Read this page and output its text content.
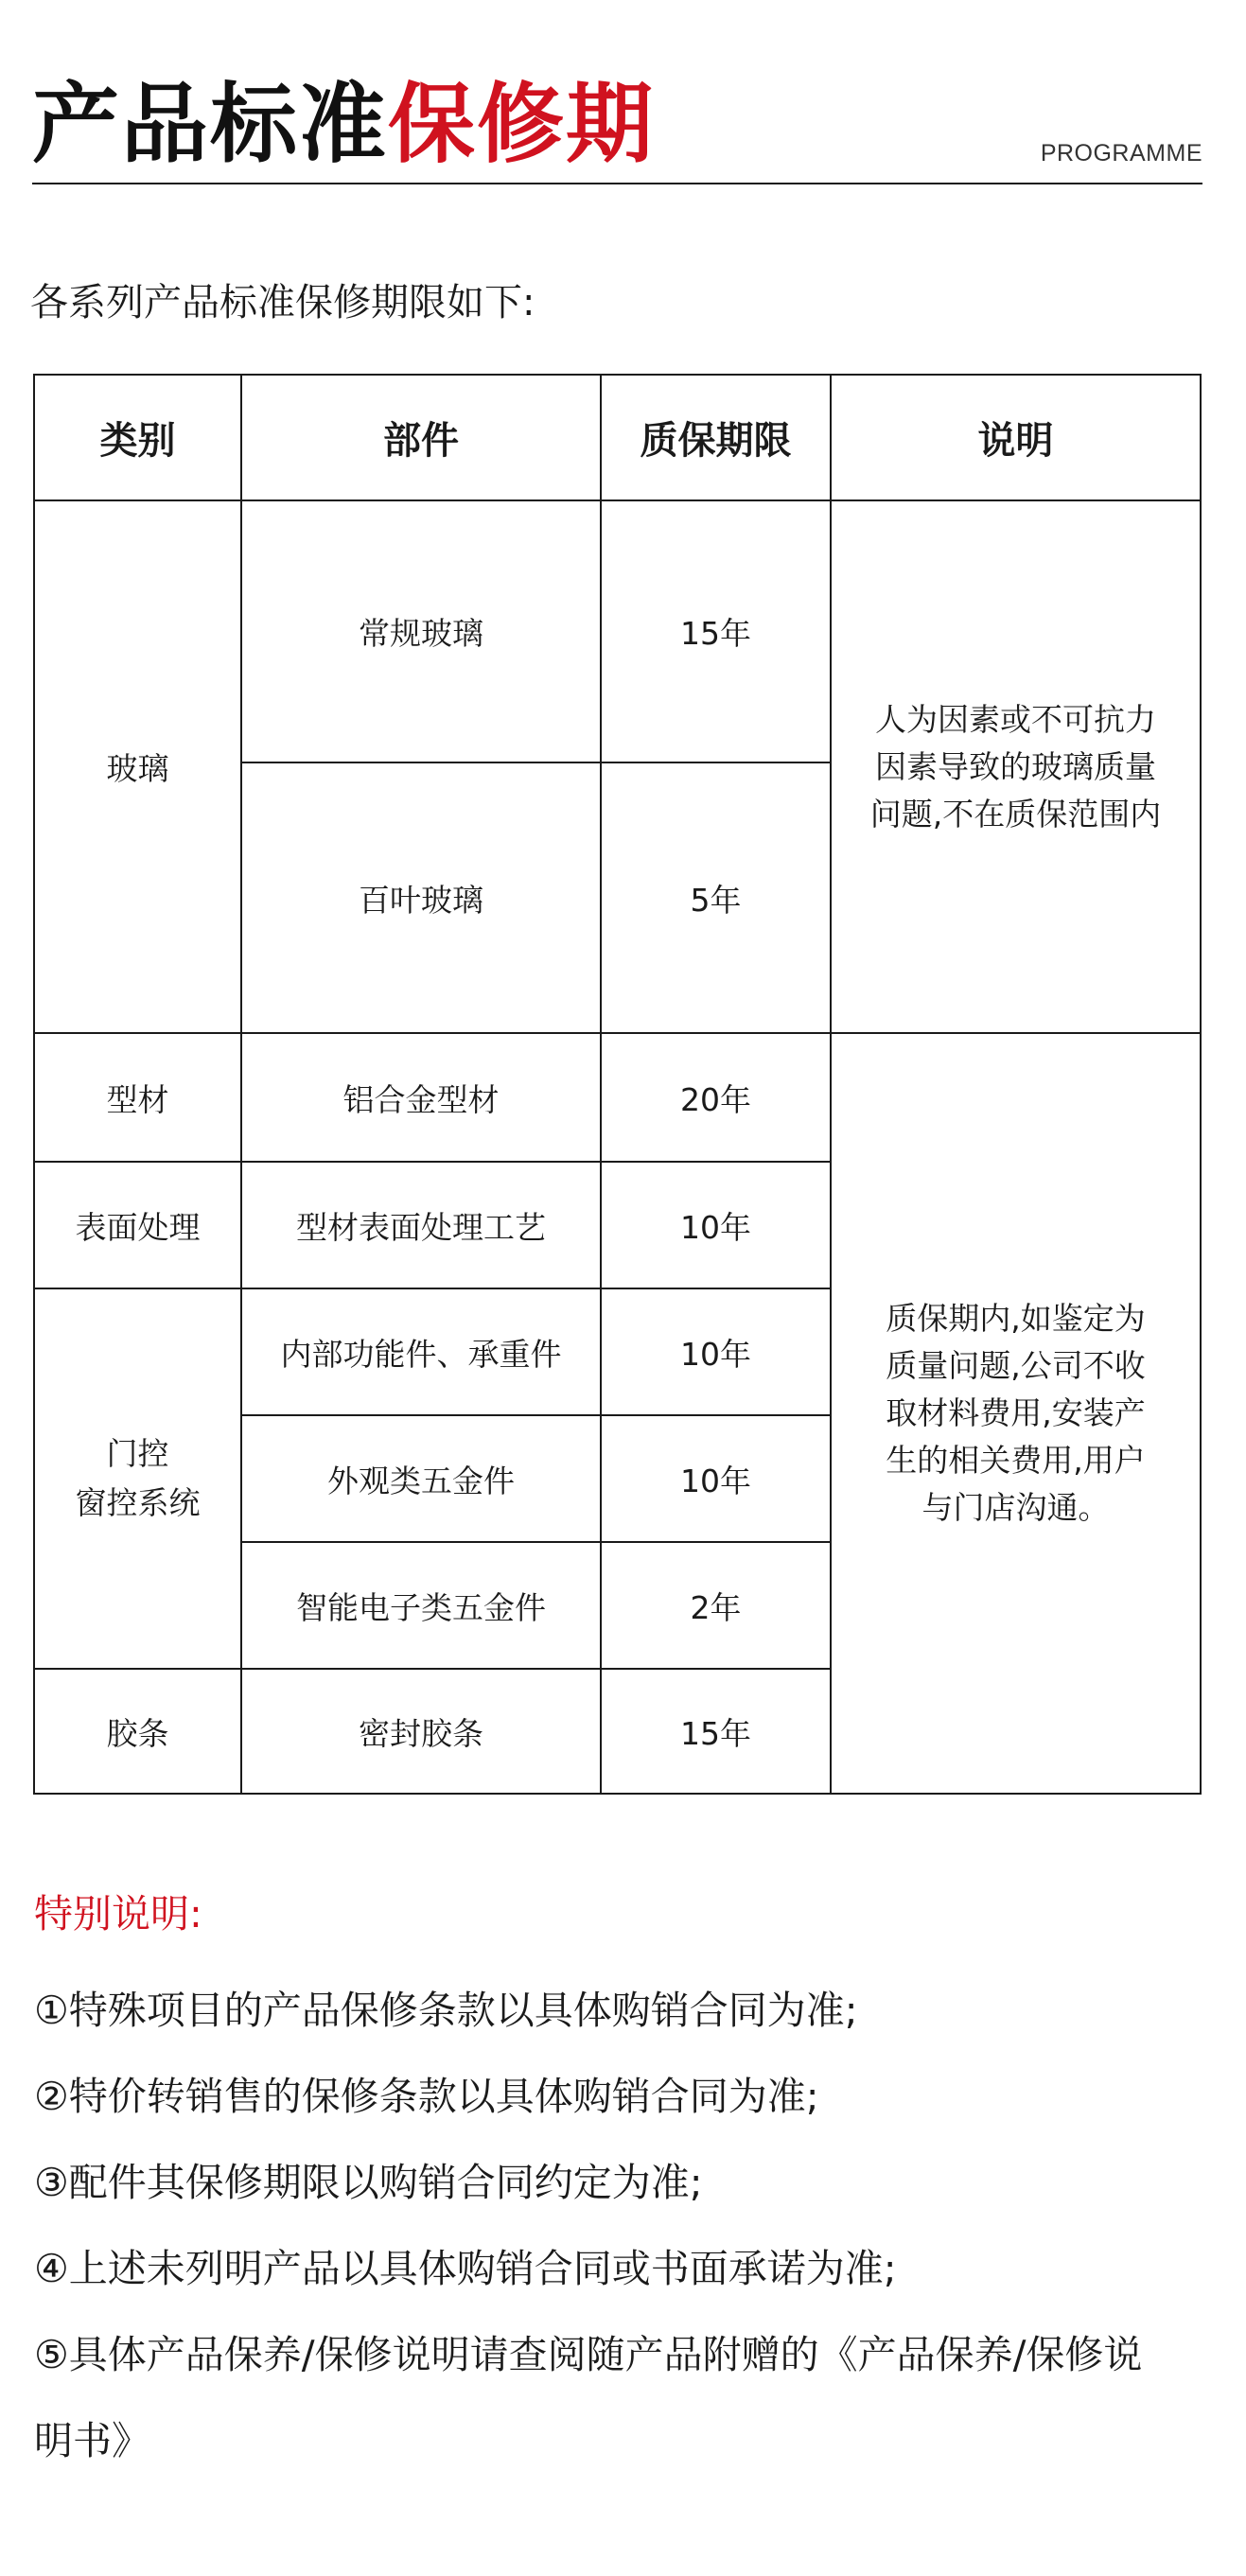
产品标准保修期	PROGRAMME
各系列产品标准保修期限如下:
类别	部件	质保期限	说明
玻璃	常规玻璃	15年	人为因素或不可抗力
因素导致的玻璃质量
问题,不在质保范围内

	百叶玻璃	5年	
型材	铝合金型材	20年	质保期内,如鉴定为
质量问题,公司不收
取材料费用,安装产
生的相关费用,用户
与门店沟通。

表面处理	型材表面处理工艺	10年	

门控
窗控系统	内部功能件、承重件	10年	
	外观类五金件	10年	
	智能电子类五金件	2年	
胶条	密封胶条	15年	
特别说明:
①特殊项目的产品保修条款以具体购销合同为准;
②特价转销售的保修条款以具体购销合同为准;
③配件其保修期限以购销合同约定为准;
④上述未列明产品以具体购销合同或书面承诺为准;
⑤具体产品保养/保修说明请查阅随产品附赠的《产品保养/保修说
明书》
